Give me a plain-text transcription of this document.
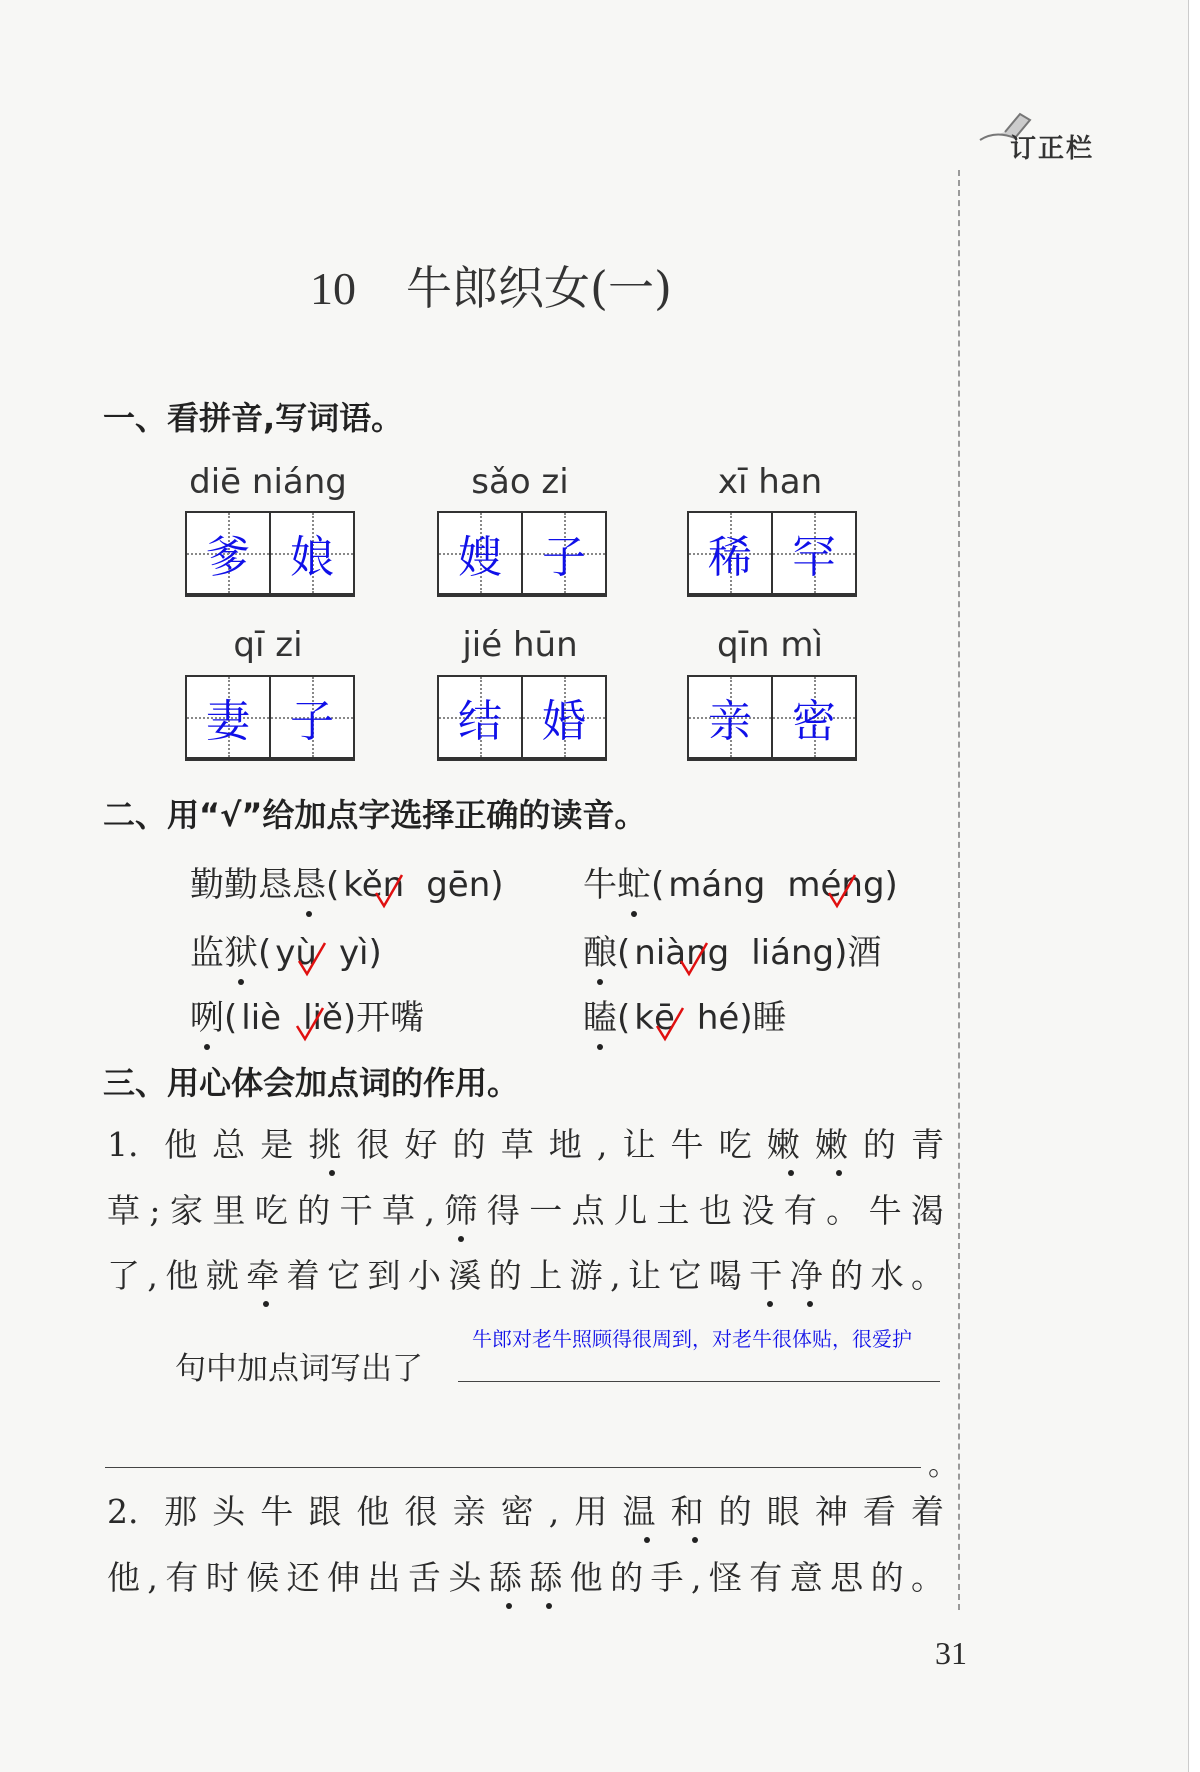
订正栏
10 牛郎织女(一)
一、看拼音,写词语。
diē niáng
爹 娘
sǎo zi
嫂 子
xī han
稀 罕
qī zi
妻 子
jié hūn
结 婚
qīn mì
亲 密
二、用“√”给加点字选择正确的读音。
勤勤恳恳( kěn gēn) 牛虻( máng méng
)
监狱( yù yì)	酿( niàng liáng)酒
咧( liè liě
)开嘴	瞌( kē hé)睡
三、用心体会加点词的作用。
1. 他总是挑很好的草地,让牛吃嫩嫩的青
草;家里吃的干草,筛得一点儿土也没有。牛渴
了,他就牵着它到小溪的上游,让它喝干净的水。
句中加点词写出了
牛郎对老牛照顾得很周到，对老牛很体贴，很爱护
。
2. 那头牛跟他很亲密,用温和的眼神看着
他,有时候还伸出舌头舔舔他的手,怪有意思的。
31
